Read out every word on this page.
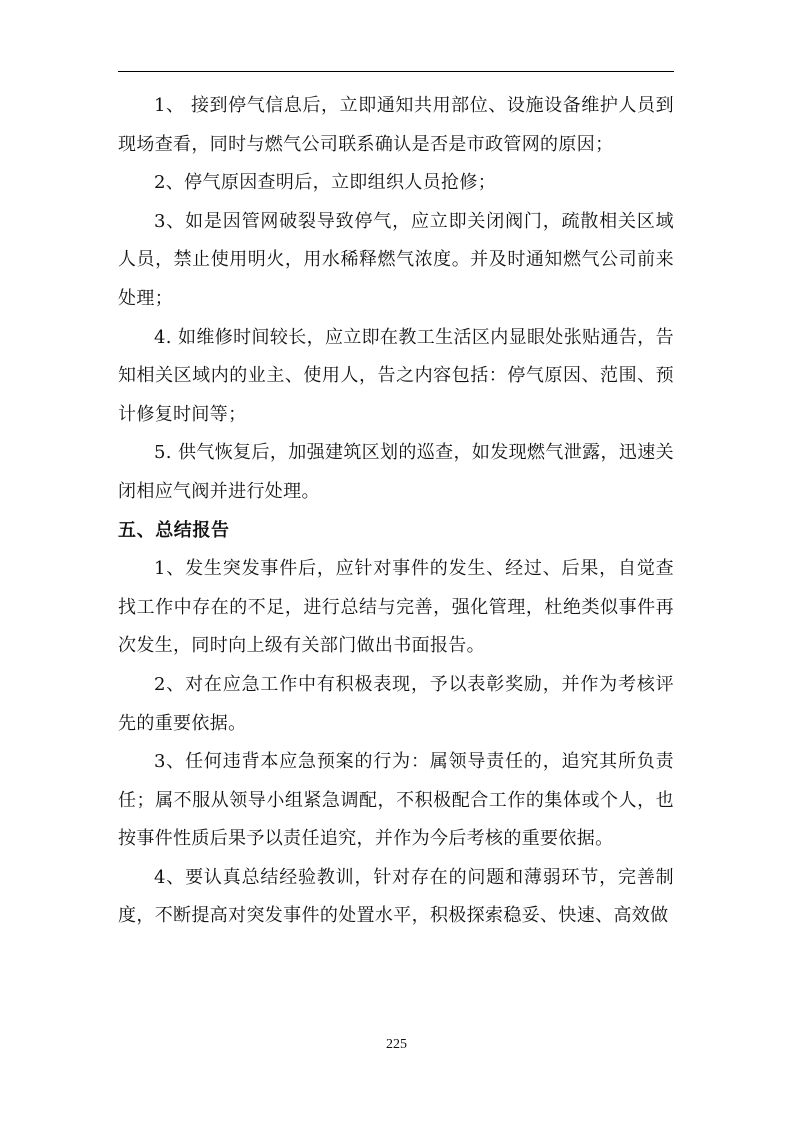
1、 接到停气信息后，立即通知共用部位、设施设备维护人员到现场查看，同时与燃气公司联系确认是否是市政管网的原因；

2、停气原因查明后，立即组织人员抢修；

3、如是因管网破裂导致停气，应立即关闭阀门，疏散相关区域人员，禁止使用明火，用水稀释燃气浓度。并及时通知燃气公司前来处理；

4. 如维修时间较长，应立即在教工生活区内显眼处张贴通告，告知相关区域内的业主、使用人，告之内容包括：停气原因、范围、预计修复时间等；

5. 供气恢复后，加强建筑区划的巡查，如发现燃气泄露，迅速关闭相应气阀并进行处理。

五、总结报告

1、发生突发事件后，应针对事件的发生、经过、后果，自觉查找工作中存在的不足，进行总结与完善，强化管理，杜绝类似事件再次发生，同时向上级有关部门做出书面报告。

2、对在应急工作中有积极表现，予以表彰奖励，并作为考核评先的重要依据。

3、任何违背本应急预案的行为：属领导责任的，追究其所负责任；属不服从领导小组紧急调配，不积极配合工作的集体或个人，也按事件性质后果予以责任追究，并作为今后考核的重要依据。

4、要认真总结经验教训，针对存在的问题和薄弱环节，完善制度，不断提高对突发事件的处置水平，积极探索稳妥、快速、高效做

225
